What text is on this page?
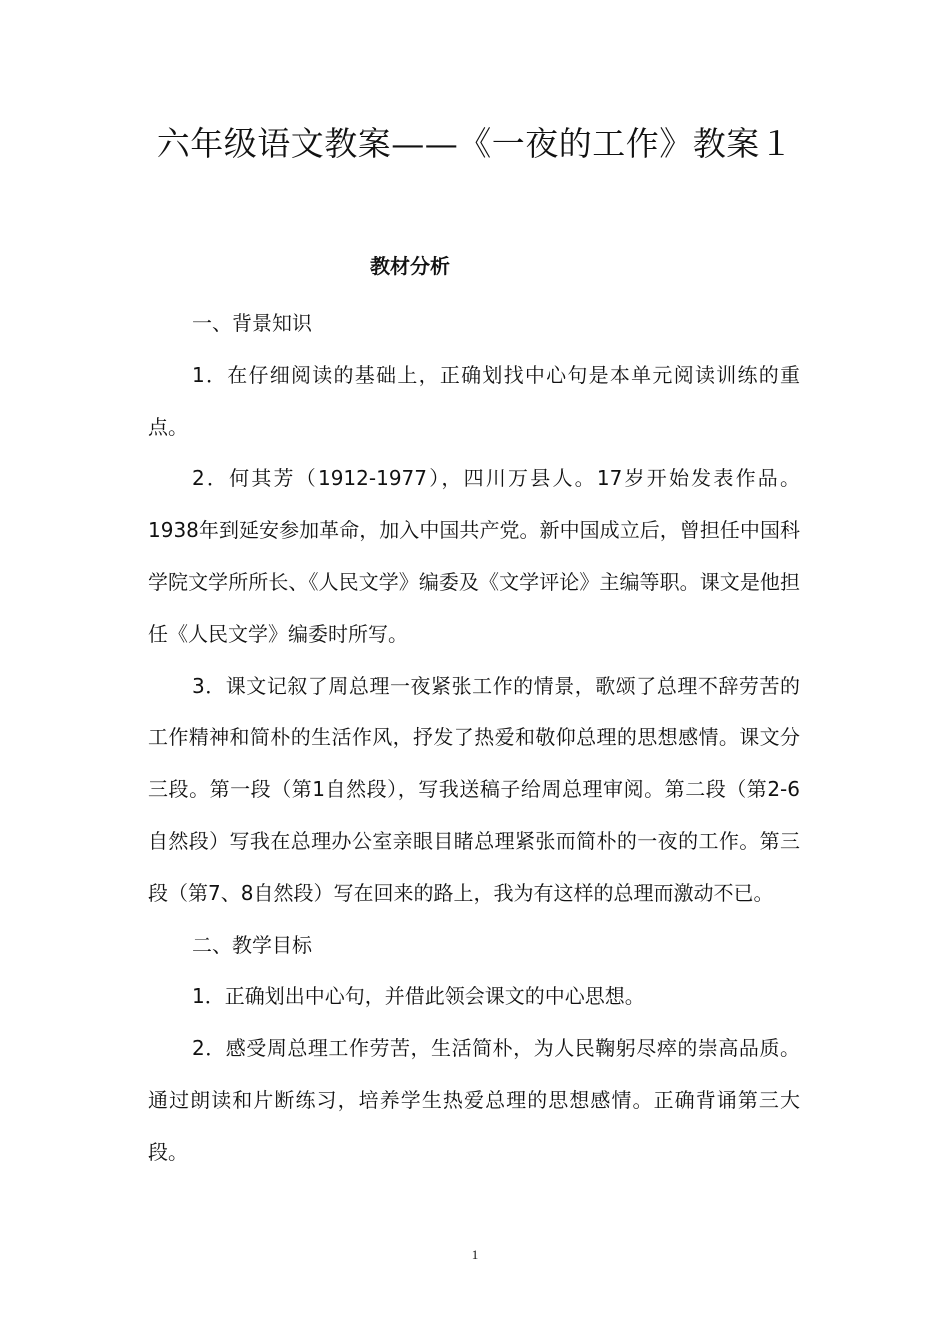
六年级语文教案——《一夜的工作》教案１
教材分析

一、背景知识

1．在仔细阅读的基础上，正确划找中心句是本单元阅读训练的重点。

2．何其芳（1912-1977），四川万县人。17岁开始发表作品。1938年到延安参加革命，加入中国共产党。新中国成立后，曾担任中国科学院文学所所长、《人民文学》编委及《文学评论》主编等职。课文是他担任《人民文学》编委时所写。

3．课文记叙了周总理一夜紧张工作的情景，歌颂了总理不辞劳苦的工作精神和简朴的生活作风，抒发了热爱和敬仰总理的思想感情。课文分三段。第一段（第1自然段），写我送稿子给周总理审阅。第二段（第2-6自然段）写我在总理办公室亲眼目睹总理紧张而简朴的一夜的工作。第三段（第7、8自然段）写在回来的路上，我为有这样的总理而激动不已。

二、教学目标

1．正确划出中心句，并借此领会课文的中心思想。

2．感受周总理工作劳苦，生活简朴，为人民鞠躬尽瘁的崇高品质。通过朗读和片断练习，培养学生热爱总理的思想感情。正确背诵第三大段。

1
